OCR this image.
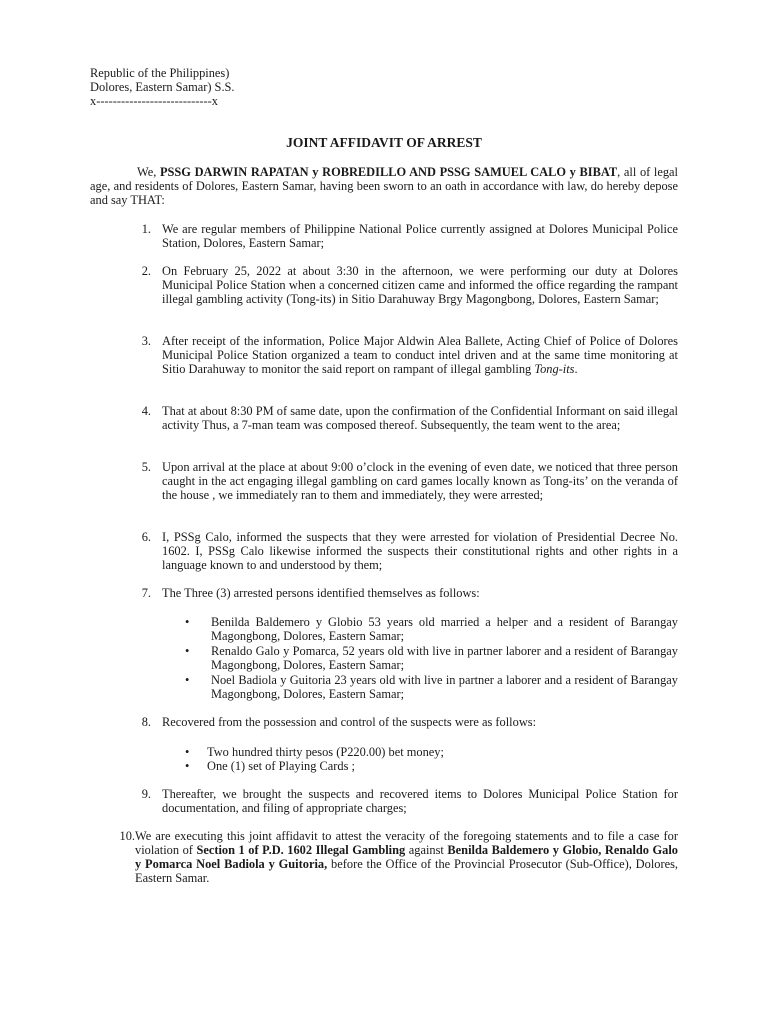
Republic of the Philippines)
Dolores, Eastern Samar) S.S.
x----------------------------x
JOINT AFFIDAVIT OF ARREST
We, PSSG DARWIN RAPATAN y ROBREDILLO AND PSSG SAMUEL CALO y BIBAT, all of legal age, and residents of Dolores, Eastern Samar, having been sworn to an oath in accordance with law, do hereby depose and say THAT:
1. We are regular members of Philippine National Police currently assigned at Dolores Municipal Police Station, Dolores, Eastern Samar;
2. On February 25, 2022 at about 3:30 in the afternoon, we were performing our duty at Dolores Municipal Police Station when a concerned citizen came and informed the office regarding the rampant illegal gambling activity (Tong-its) in Sitio Darahuway Brgy Magongbong, Dolores, Eastern Samar;
3. After receipt of the information, Police Major Aldwin Alea Ballete, Acting Chief of Police of Dolores Municipal Police Station organized a team to conduct intel driven and at the same time monitoring at Sitio Darahuway to monitor the said report on rampant of illegal gambling Tong-its.
4. That at about 8:30 PM of same date, upon the confirmation of the Confidential Informant on said illegal activity Thus, a 7-man team was composed thereof. Subsequently, the team went to the area;
5. Upon arrival at the place at about 9:00 o’clock in the evening of even date, we noticed that three person caught in the act engaging illegal gambling on card games locally known as Tong-its’ on the veranda of the house , we immediately ran to them and immediately, they were arrested;
6. I, PSSg Calo, informed the suspects that they were arrested for violation of Presidential Decree No. 1602. I, PSSg Calo likewise informed the suspects their constitutional rights and other rights in a language known to and understood by them;
7. The Three (3) arrested persons identified themselves as follows:
•	Benilda Baldemero y Globio 53 years old married a helper and a resident of Barangay Magongbong, Dolores, Eastern Samar;
•	Renaldo Galo y Pomarca, 52 years old with live in partner laborer and a resident of Barangay Magongbong, Dolores, Eastern Samar;
•	Noel Badiola y Guitoria 23 years old with live in partner a laborer and a resident of Barangay Magongbong, Dolores, Eastern Samar;
8. Recovered from the possession and control of the suspects were as follows:
•	Two hundred thirty pesos (P220.00) bet money;
•	One (1) set of Playing Cards ;
9. Thereafter, we brought the suspects and recovered items to Dolores Municipal Police Station for documentation, and filing of appropriate charges;
10. We are executing this joint affidavit to attest the veracity of the foregoing statements and to file a case for violation of Section 1 of P.D. 1602 Illegal Gambling against Benilda Baldemero y Globio, Renaldo Galo y Pomarca Noel Badiola y Guitoria, before the Office of the Provincial Prosecutor (Sub-Office), Dolores, Eastern Samar.
